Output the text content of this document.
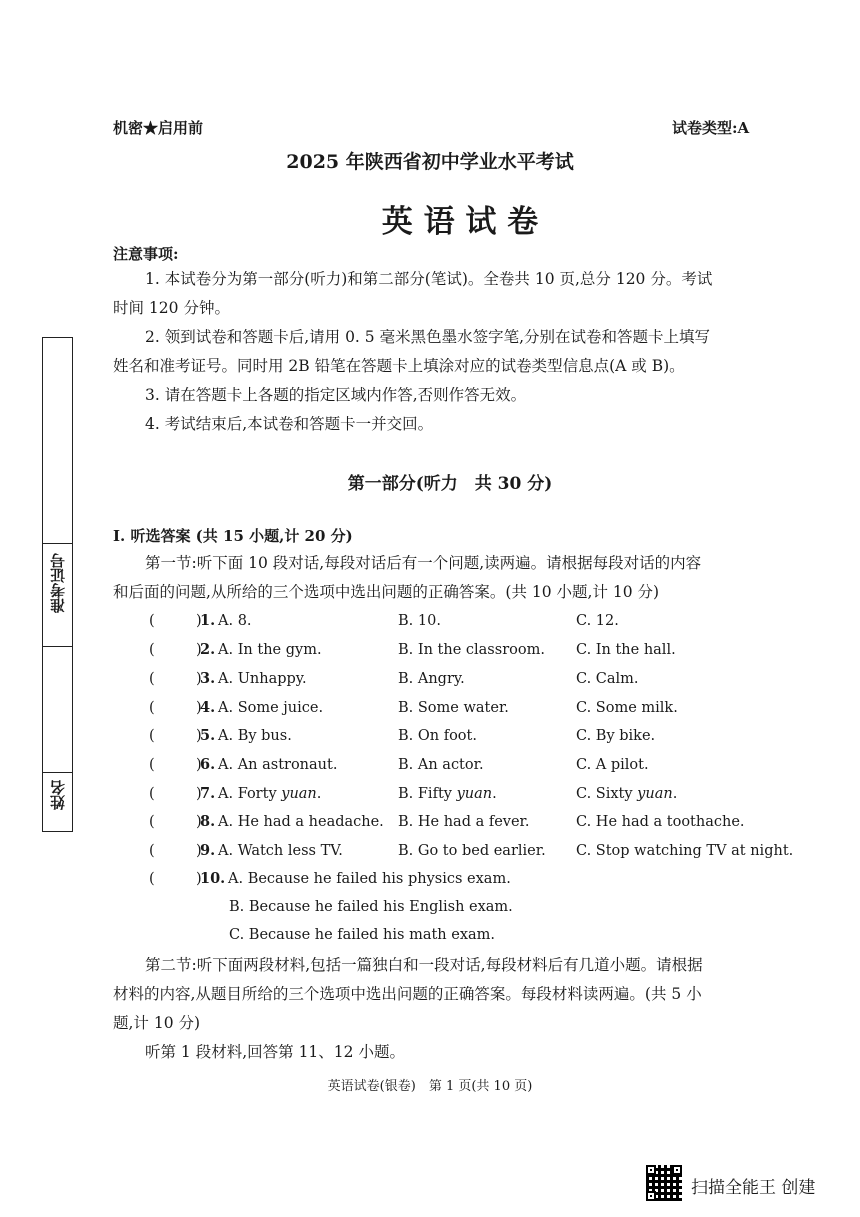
机密★启用前	试卷类型:A
2025 年陕西省初中学业水平考试
英 语 试 卷
注意事项:
1. 本试卷分为第一部分(听力)和第二部分(笔试)。全卷共 10 页,总分 120 分。考试
时间 120 分钟。
2. 领到试卷和答题卡后,请用 0. 5 毫米黑色墨水签字笔,分别在试卷和答题卡上填写
姓名和准考证号。同时用 2B 铅笔在答题卡上填涂对应的试卷类型信息点(A 或 B)。
3. 请在答题卡上各题的指定区域内作答,否则作答无效。
4. 考试结束后,本试卷和答题卡一并交回。
准考证号
姓名
第一部分(听力　共 30 分)
Ⅰ. 听选答案 (共 15 小题,计 20 分)
第一节:听下面 10 段对话,每段对话后有一个问题,读两遍。请根据每段对话的内容
和后面的问题,从所给的三个选项中选出问题的正确答案。(共 10 小题,计 10 分)
(	)
1. A. 8.	B. 10.	C. 12.
(	)
2. A. In the gym.	B. In the classroom. C. In the hall.
(	)
3. A. Unhappy.	B. Angry.	C. Calm.
(	)
4. A. Some juice.	B. Some water.	C. Some milk.
(	)
5. A. By bus.	B. On foot.	C. By bike.
(	)
6. A. An astronaut.	B. An actor.	C. A pilot.
(	)
7. A. Forty yuan.	B. Fifty yuan.	C. Sixty yuan.
(	)
8. A. He had a headache. B. He had a fever.	C. He had a toothache.
(	)
9. A. Watch less TV.	B. Go to bed earlier. C. Stop watching TV at night.
(	)
10. A. Because he failed his physics exam.
B. Because he failed his English exam.
C. Because he failed his math exam.
第二节:听下面两段材料,包括一篇独白和一段对话,每段材料后有几道小题。请根据
材料的内容,从题目所给的三个选项中选出问题的正确答案。每段材料读两遍。(共 5 小
题,计 10 分)
听第 1 段材料,回答第 11、12 小题。
英语试卷(银卷)　第 1 页(共 10 页)
扫描全能王 创建
